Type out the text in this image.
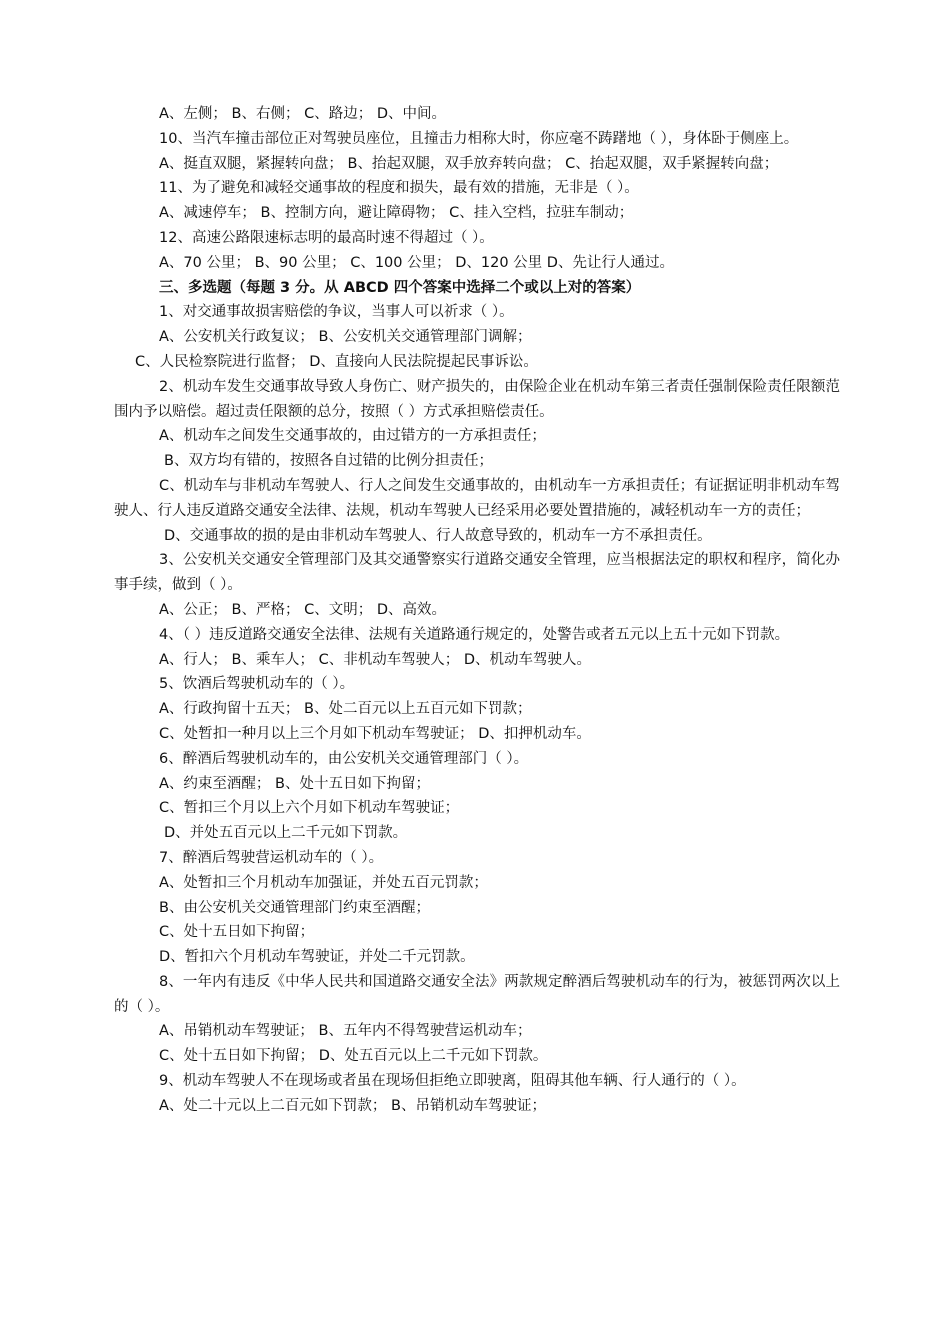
A、左侧； B、右侧； C、路边； D、中间。

10、当汽车撞击部位正对驾驶员座位，且撞击力相称大时，你应毫不踌躇地（ ），身体卧于侧座上。

A、挺直双腿，紧握转向盘； B、抬起双腿，双手放弃转向盘； C、抬起双腿，双手紧握转向盘；

11、为了避免和减轻交通事故的程度和损失，最有效的措施，无非是（ ）。

A、减速停车； B、控制方向，避让障碍物； C、挂入空档，拉驻车制动；

12、高速公路限速标志明的最高时速不得超过（ ）。

A、70 公里； B、90 公里； C、100 公里； D、120 公里 D、先让行人通过。

三、多选题（每题 3 分。从 ABCD 四个答案中选择二个或以上对的答案）

1、对交通事故损害赔偿的争议，当事人可以祈求（ ）。

A、公安机关行政复议； B、公安机关交通管理部门调解；

C、人民检察院进行监督； D、直接向人民法院提起民事诉讼。

2、机动车发生交通事故导致人身伤亡、财产损失的，由保险企业在机动车第三者责任强制保险责任限额范围内予以赔偿。超过责任限额的总分，按照（ ）方式承担赔偿责任。

A、机动车之间发生交通事故的，由过错方的一方承担责任；

B、双方均有错的，按照各自过错的比例分担责任；

C、机动车与非机动车驾驶人、行人之间发生交通事故的，由机动车一方承担责任；有证据证明非机动车驾驶人、行人违反道路交通安全法律、法规，机动车驾驶人已经采用必要处置措施的，减轻机动车一方的责任；

D、交通事故的损的是由非机动车驾驶人、行人故意导致的，机动车一方不承担责任。

3、公安机关交通安全管理部门及其交通警察实行道路交通安全管理，应当根据法定的职权和程序，简化办事手续，做到（ ）。

A、公正； B、严格； C、文明； D、高效。

4、（ ）违反道路交通安全法律、法规有关道路通行规定的，处警告或者五元以上五十元如下罚款。

A、行人； B、乘车人； C、非机动车驾驶人； D、机动车驾驶人。

5、饮酒后驾驶机动车的（ ）。

A、行政拘留十五天； B、处二百元以上五百元如下罚款；

C、处暂扣一种月以上三个月如下机动车驾驶证； D、扣押机动车。

6、醉酒后驾驶机动车的，由公安机关交通管理部门（ ）。

A、约束至酒醒； B、处十五日如下拘留；

C、暂扣三个月以上六个月如下机动车驾驶证；

D、并处五百元以上二千元如下罚款。

7、醉酒后驾驶营运机动车的（ ）。

A、处暂扣三个月机动车加强证，并处五百元罚款；

B、由公安机关交通管理部门约束至酒醒；

C、处十五日如下拘留；

D、暂扣六个月机动车驾驶证，并处二千元罚款。

8、一年内有违反《中华人民共和国道路交通安全法》两款规定醉酒后驾驶机动车的行为，被惩罚两次以上的（ ）。

A、吊销机动车驾驶证； B、五年内不得驾驶营运机动车；

C、处十五日如下拘留； D、处五百元以上二千元如下罚款。

9、机动车驾驶人不在现场或者虽在现场但拒绝立即驶离，阻碍其他车辆、行人通行的（ ）。

A、处二十元以上二百元如下罚款； B、吊销机动车驾驶证；
